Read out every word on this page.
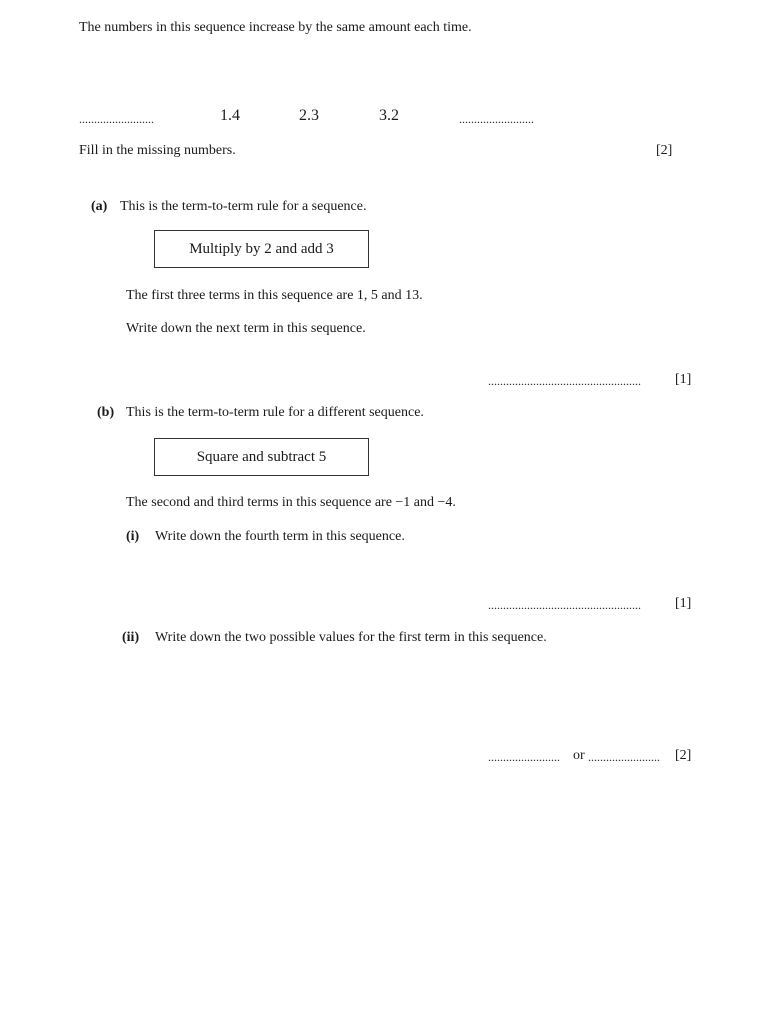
The numbers in this sequence increase by the same amount each time.
.........................	1.4	2.3	3.2	.........................
Fill in the missing numbers.	[2]
(a) This is the term-to-term rule for a sequence.
Multiply by 2 and add 3
The first three terms in this sequence are 1, 5 and 13.
Write down the next term in this sequence.
...................................................	[1]
(b) This is the term-to-term rule for a different sequence.
Square and subtract 5
The second and third terms in this sequence are −1 and −4.
(i) Write down the fourth term in this sequence.
...................................................	[1]
(ii) Write down the two possible values for the first term in this sequence.
........................ or ........................	[2]
